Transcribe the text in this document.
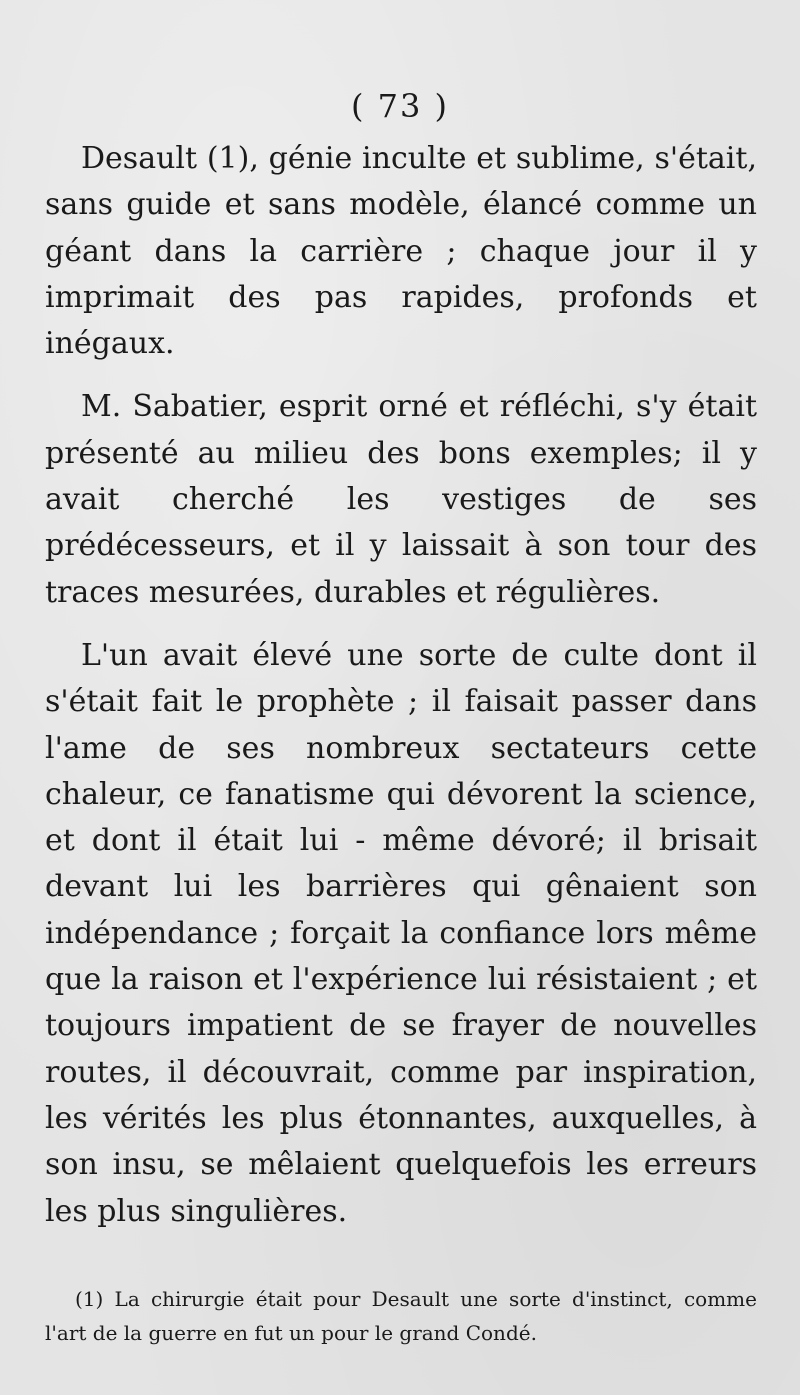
( 73 )

Desault (1), génie inculte et sublime, s'était, sans guide et sans modèle, élancé comme un géant dans la carrière ; chaque jour il y imprimait des pas rapides, profonds et inégaux.

M. Sabatier, esprit orné et réfléchi, s'y était présenté au milieu des bons exemples; il y avait cherché les vestiges de ses prédécesseurs, et il y laissait à son tour des traces mesurées, durables et régulières.

L'un avait élevé une sorte de culte dont il s'était fait le prophète ; il faisait passer dans l'ame de ses nombreux sectateurs cette chaleur, ce fanatisme qui dévorent la science, et dont il était lui - même dévoré; il brisait devant lui les barrières qui gênaient son indépendance ; forçait la confiance lors même que la raison et l'expérience lui résistaient ; et toujours impatient de se frayer de nouvelles routes, il découvrait, comme par inspiration, les vérités les plus étonnantes, auxquelles, à son insu, se mêlaient quelquefois les erreurs les plus singulières.

(1) La chirurgie était pour Desault une sorte d'instinct, comme l'art de la guerre en fut un pour le grand Condé.
